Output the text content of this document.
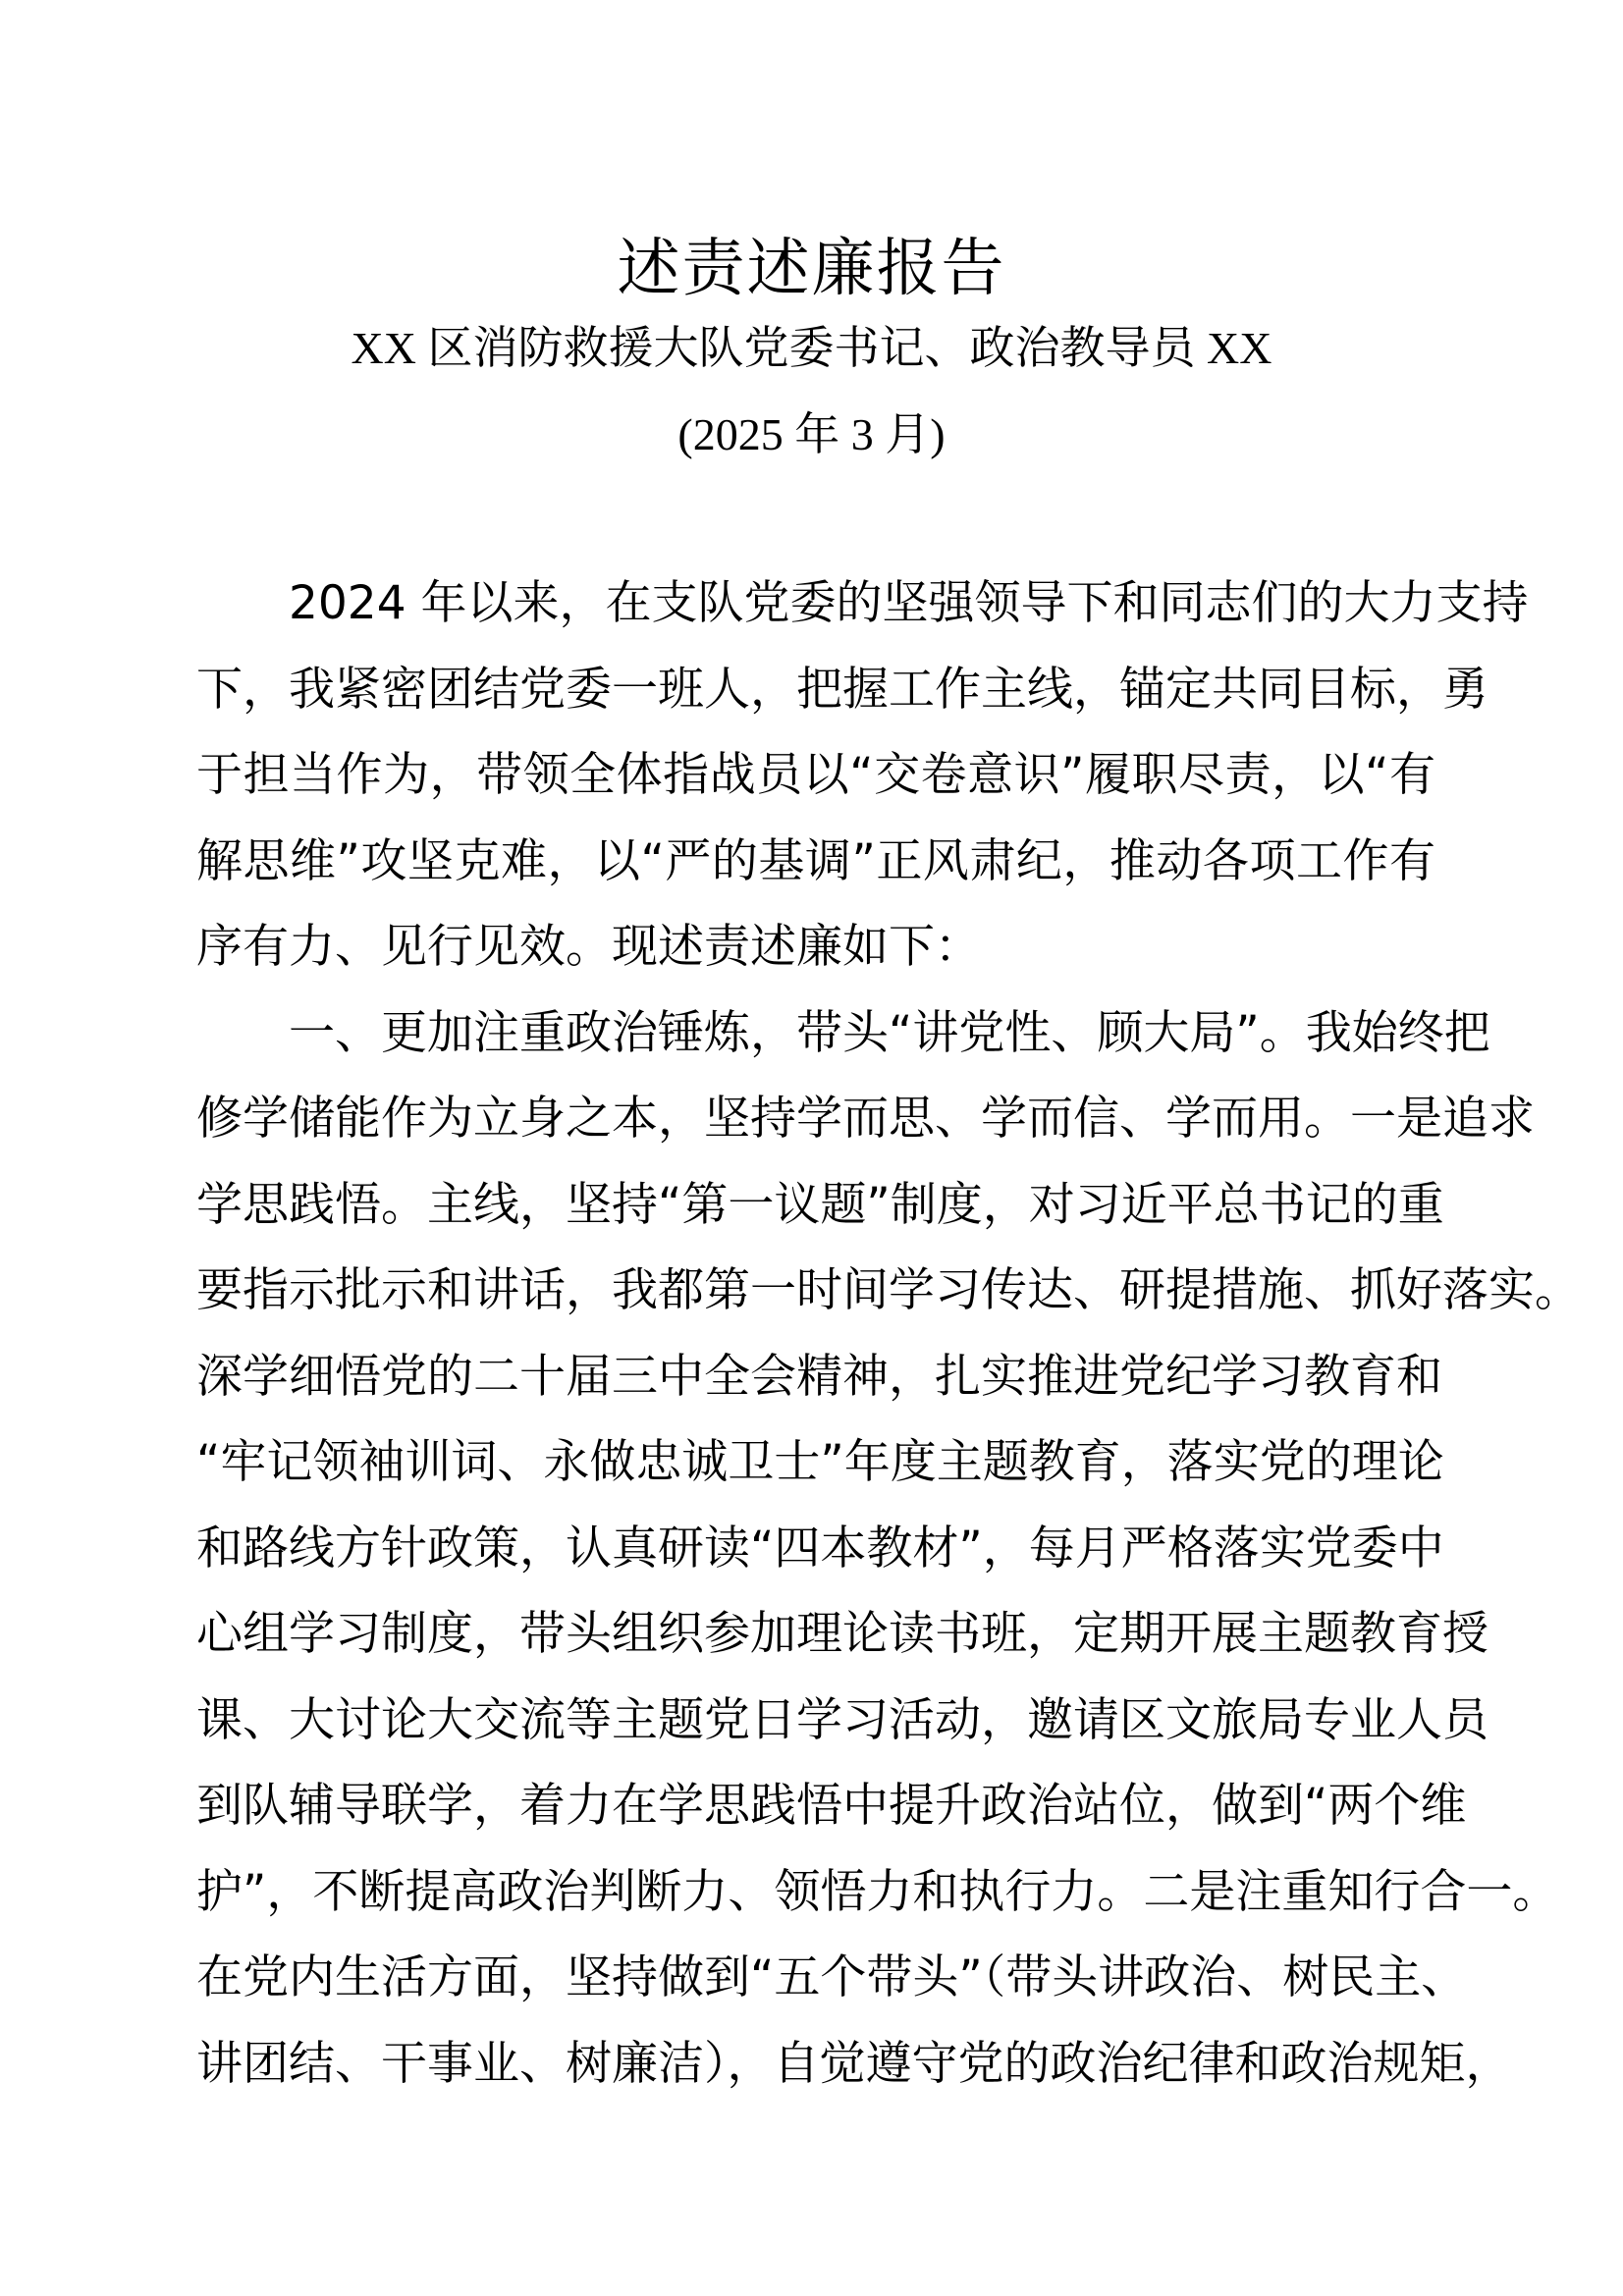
述责述廉报告
XX 区消防救援大队党委书记、政治教导员 XX
(2025 年 3 月)
2024 年以来，在支队党委的坚强领导下和同志们的大力支持
下，我紧密团结党委一班人，把握工作主线，锚定共同目标，勇
于担当作为，带领全体指战员以“交卷意识”履职尽责，以“有
解思维”攻坚克难，以“严的基调”正风肃纪，推动各项工作有
序有力、见行见效。现述责述廉如下：
一、更加注重政治锤炼，带头“讲党性、顾大局”。我始终把
修学储能作为立身之本，坚持学而思、学而信、学而用。一是追求
学思践悟。主线，坚持“第一议题”制度，对习近平总书记的重
要指示批示和讲话，我都第一时间学习传达、研提措施、抓好落实。
深学细悟党的二十届三中全会精神，扎实推进党纪学习教育和
“牢记领袖训词、永做忠诚卫士”年度主题教育，落实党的理论
和路线方针政策，认真研读“四本教材”，每月严格落实党委中
心组学习制度，带头组织参加理论读书班，定期开展主题教育授
课、大讨论大交流等主题党日学习活动，邀请区文旅局专业人员
到队辅导联学，着力在学思践悟中提升政治站位，做到“两个维
护”，不断提高政治判断力、领悟力和执行力。二是注重知行合一。
在党内生活方面，坚持做到“五个带头”（带头讲政治、树民主、
讲团结、干事业、树廉洁），自觉遵守党的政治纪律和政治规矩，
